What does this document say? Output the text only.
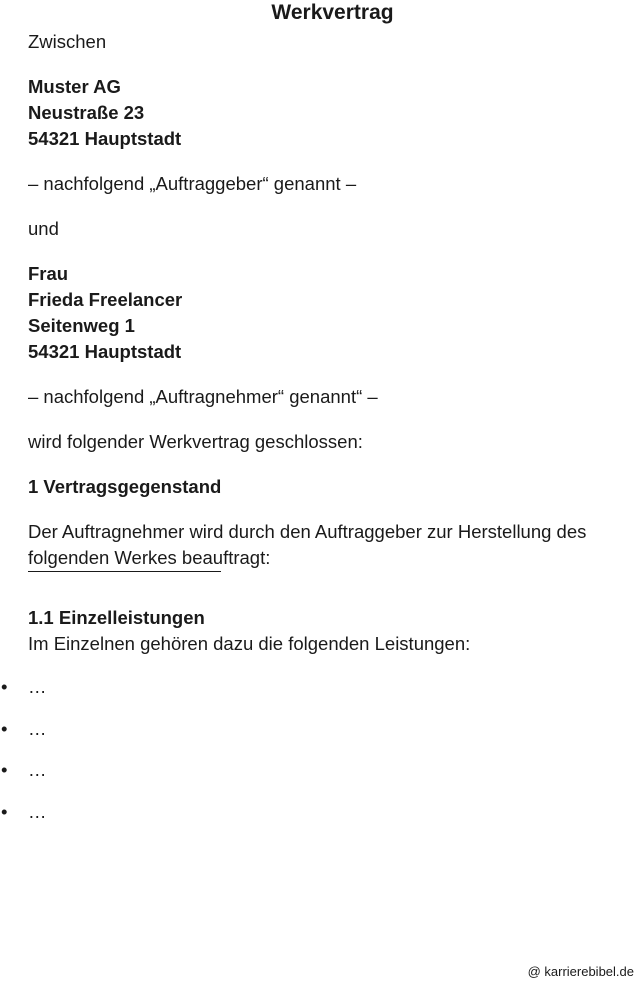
Werkvertrag

Zwischen

Muster AG

Neustraße 23

54321 Hauptstadt

– nachfolgend „Auftraggeber“ genannt –

und

Frau

Frieda Freelancer

Seitenweg 1

54321 Hauptstadt

– nachfolgend „Auftragnehmer“ genannt“ –

wird folgender Werkvertrag geschlossen:

1 Vertragsgegenstand

Der Auftragnehmer wird durch den Auftraggeber zur Herstellung des folgenden Werkes beauftragt:

1.1 Einzelleistungen

Im Einzelnen gehören dazu die folgenden Leistungen:

• …
• …
• …
• …
@ karrierebibel.de
